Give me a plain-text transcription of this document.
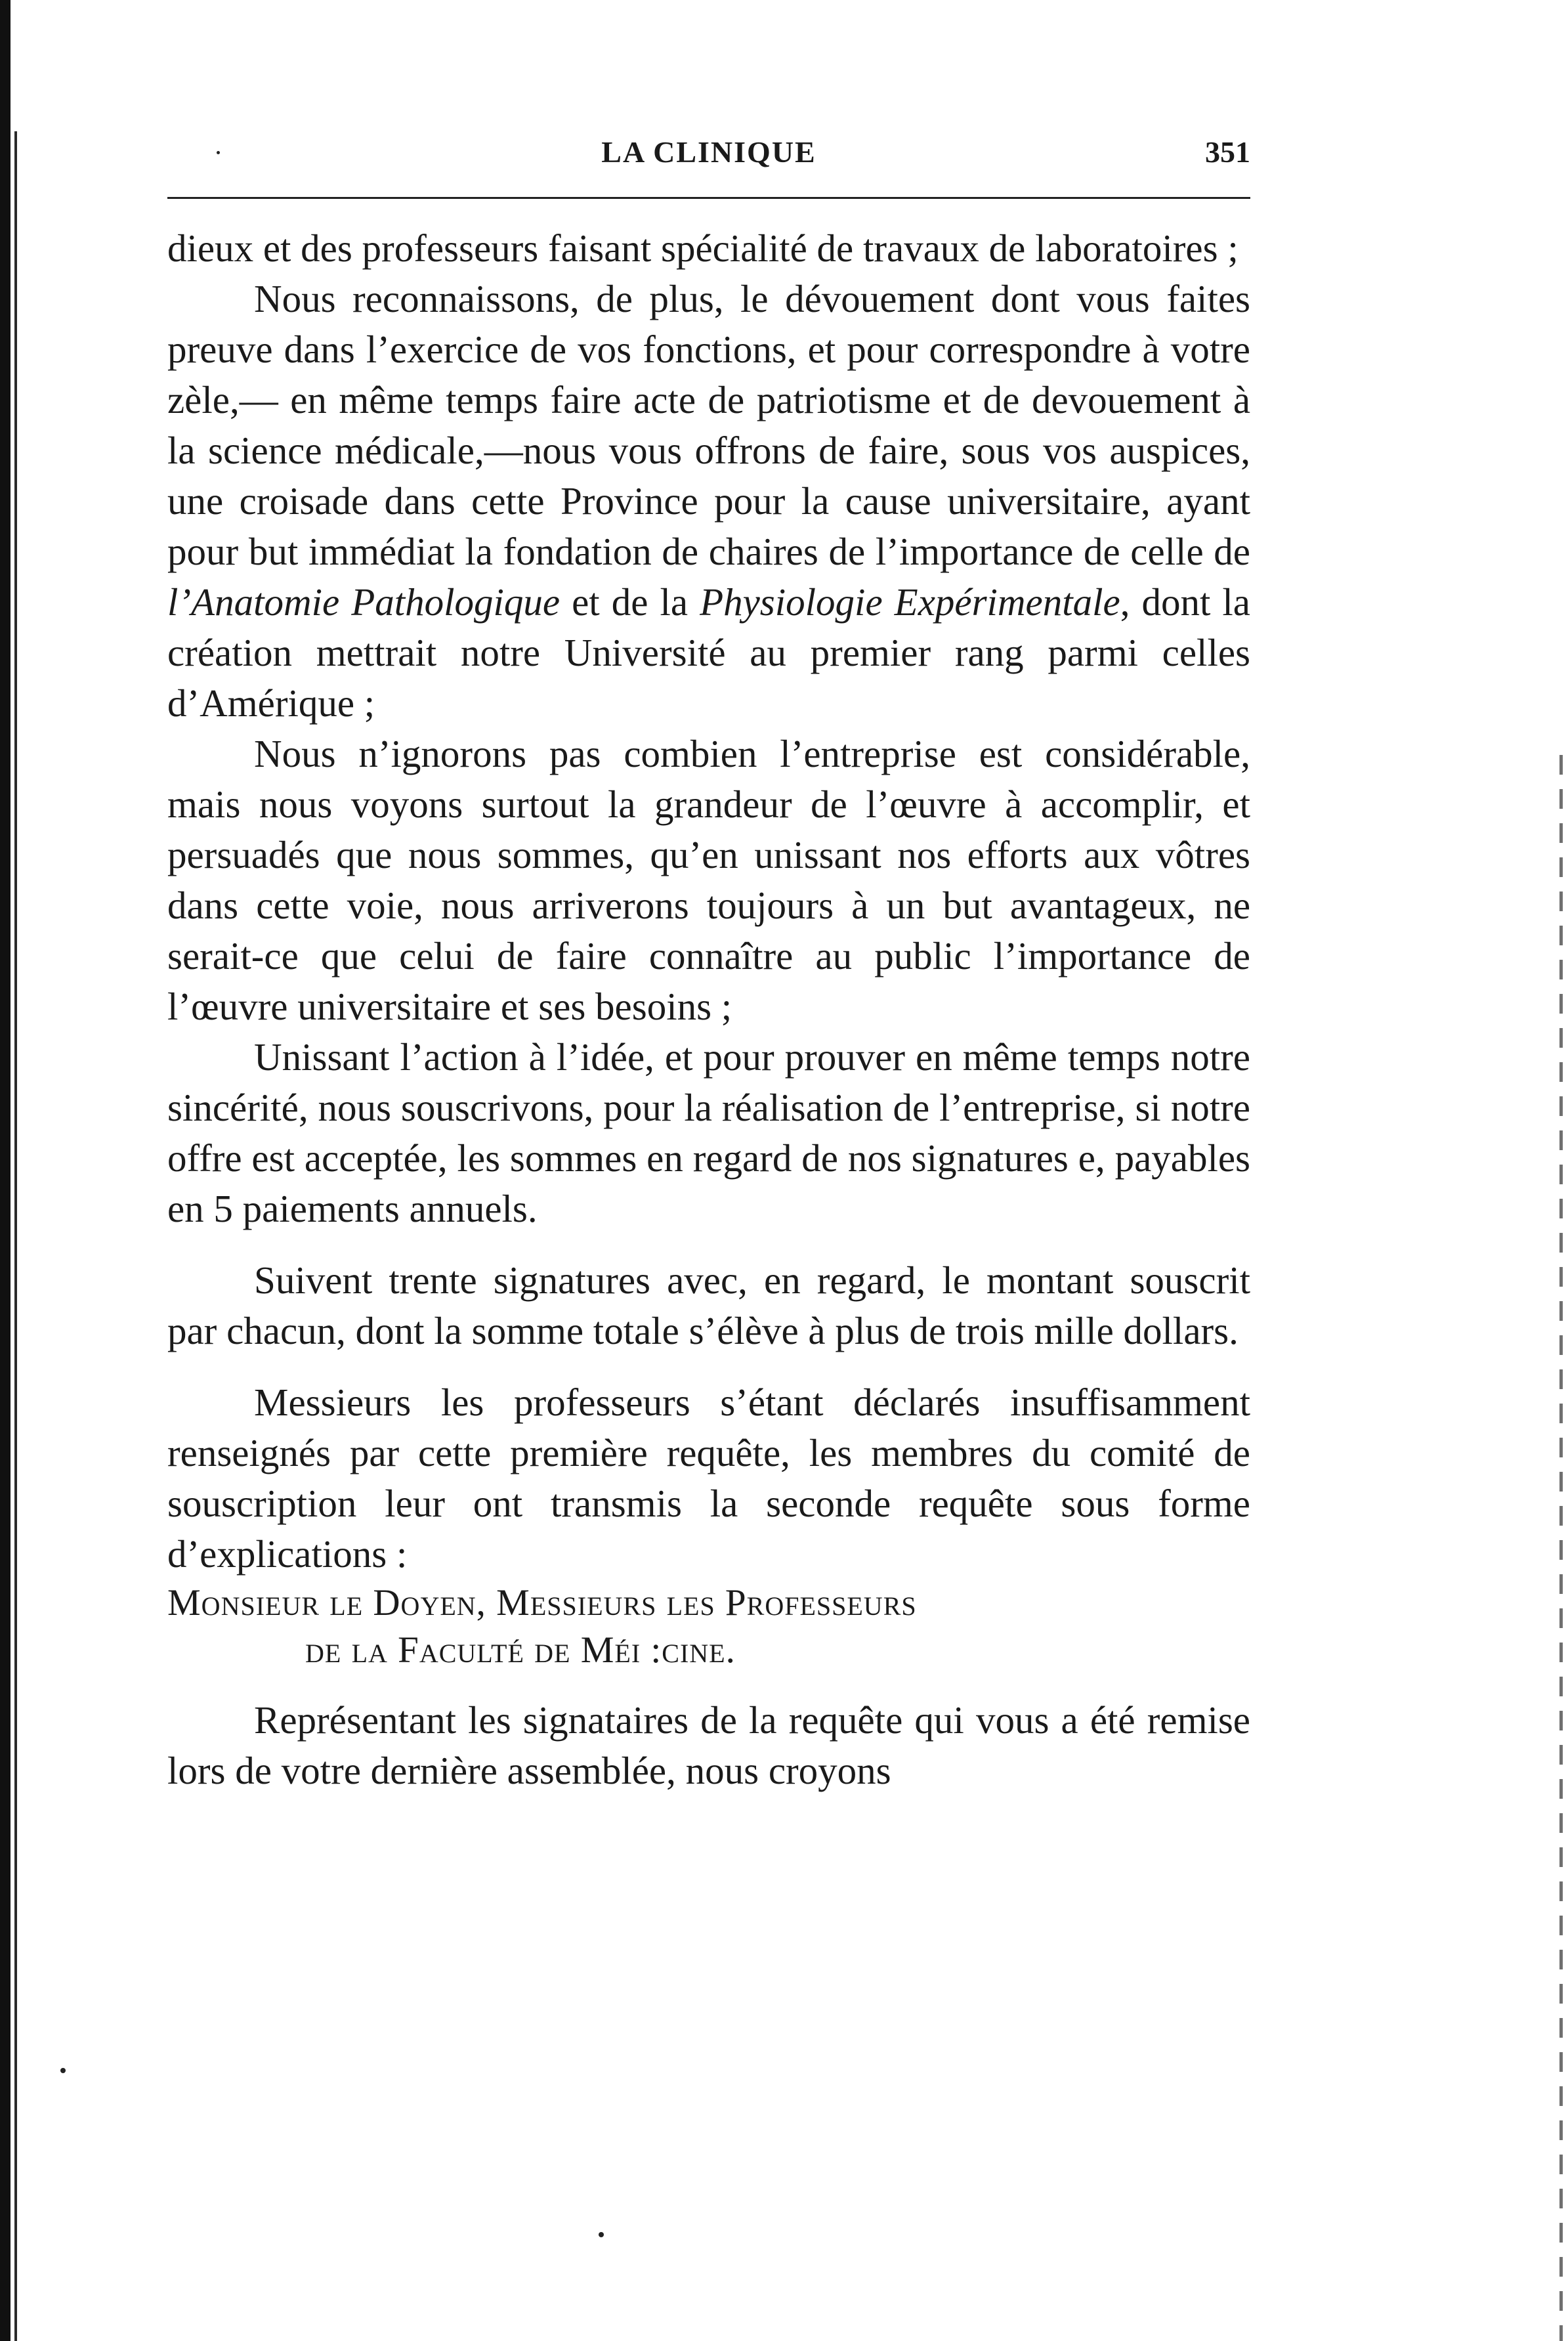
LA CLINIQUE	351

dieux et des professeurs faisant spécialité de travaux de laboratoires ;

Nous reconnaissons, de plus, le dévouement dont vous faites preuve dans l’exercice de vos fonctions, et pour correspondre à votre zèle,— en même temps faire acte de patriotisme et de devouement à la science médicale,—nous vous offrons de faire, sous vos auspices, une croisade dans cette Province pour la cause universitaire, ayant pour but immédiat la fondation de chaires de l’importance de celle de l’Anatomie Pathologique et de la Physiologie Expérimentale, dont la création mettrait notre Université au premier rang parmi celles d’Amérique ;

Nous n’ignorons pas combien l’entreprise est considérable, mais nous voyons surtout la grandeur de l’œuvre à accomplir, et persuadés que nous sommes, qu’en unissant nos efforts aux vôtres dans cette voie, nous arriverons toujours à un but avantageux, ne serait-ce que celui de faire connaître au public l’importance de l’œuvre universitaire et ses besoins ;

Unissant l’action à l’idée, et pour prouver en même temps notre sincérité, nous souscrivons, pour la réalisation de l’entreprise, si notre offre est acceptée, les sommes en regard de nos signatures e, payables en 5 paiements annuels.

Suivent trente signatures avec, en regard, le montant souscrit par chacun, dont la somme totale s’élève à plus de trois mille dollars.

Messieurs les professeurs s’étant déclarés insuffisamment renseignés par cette première requête, les membres du comité de souscription leur ont transmis la seconde requête sous forme d’explications :

Monsieur le Doyen, Messieurs les Professeurs
de la Faculté de Méi :cine.

Représentant les signataires de la requête qui vous a été remise lors de votre dernière assemblée, nous croyons
